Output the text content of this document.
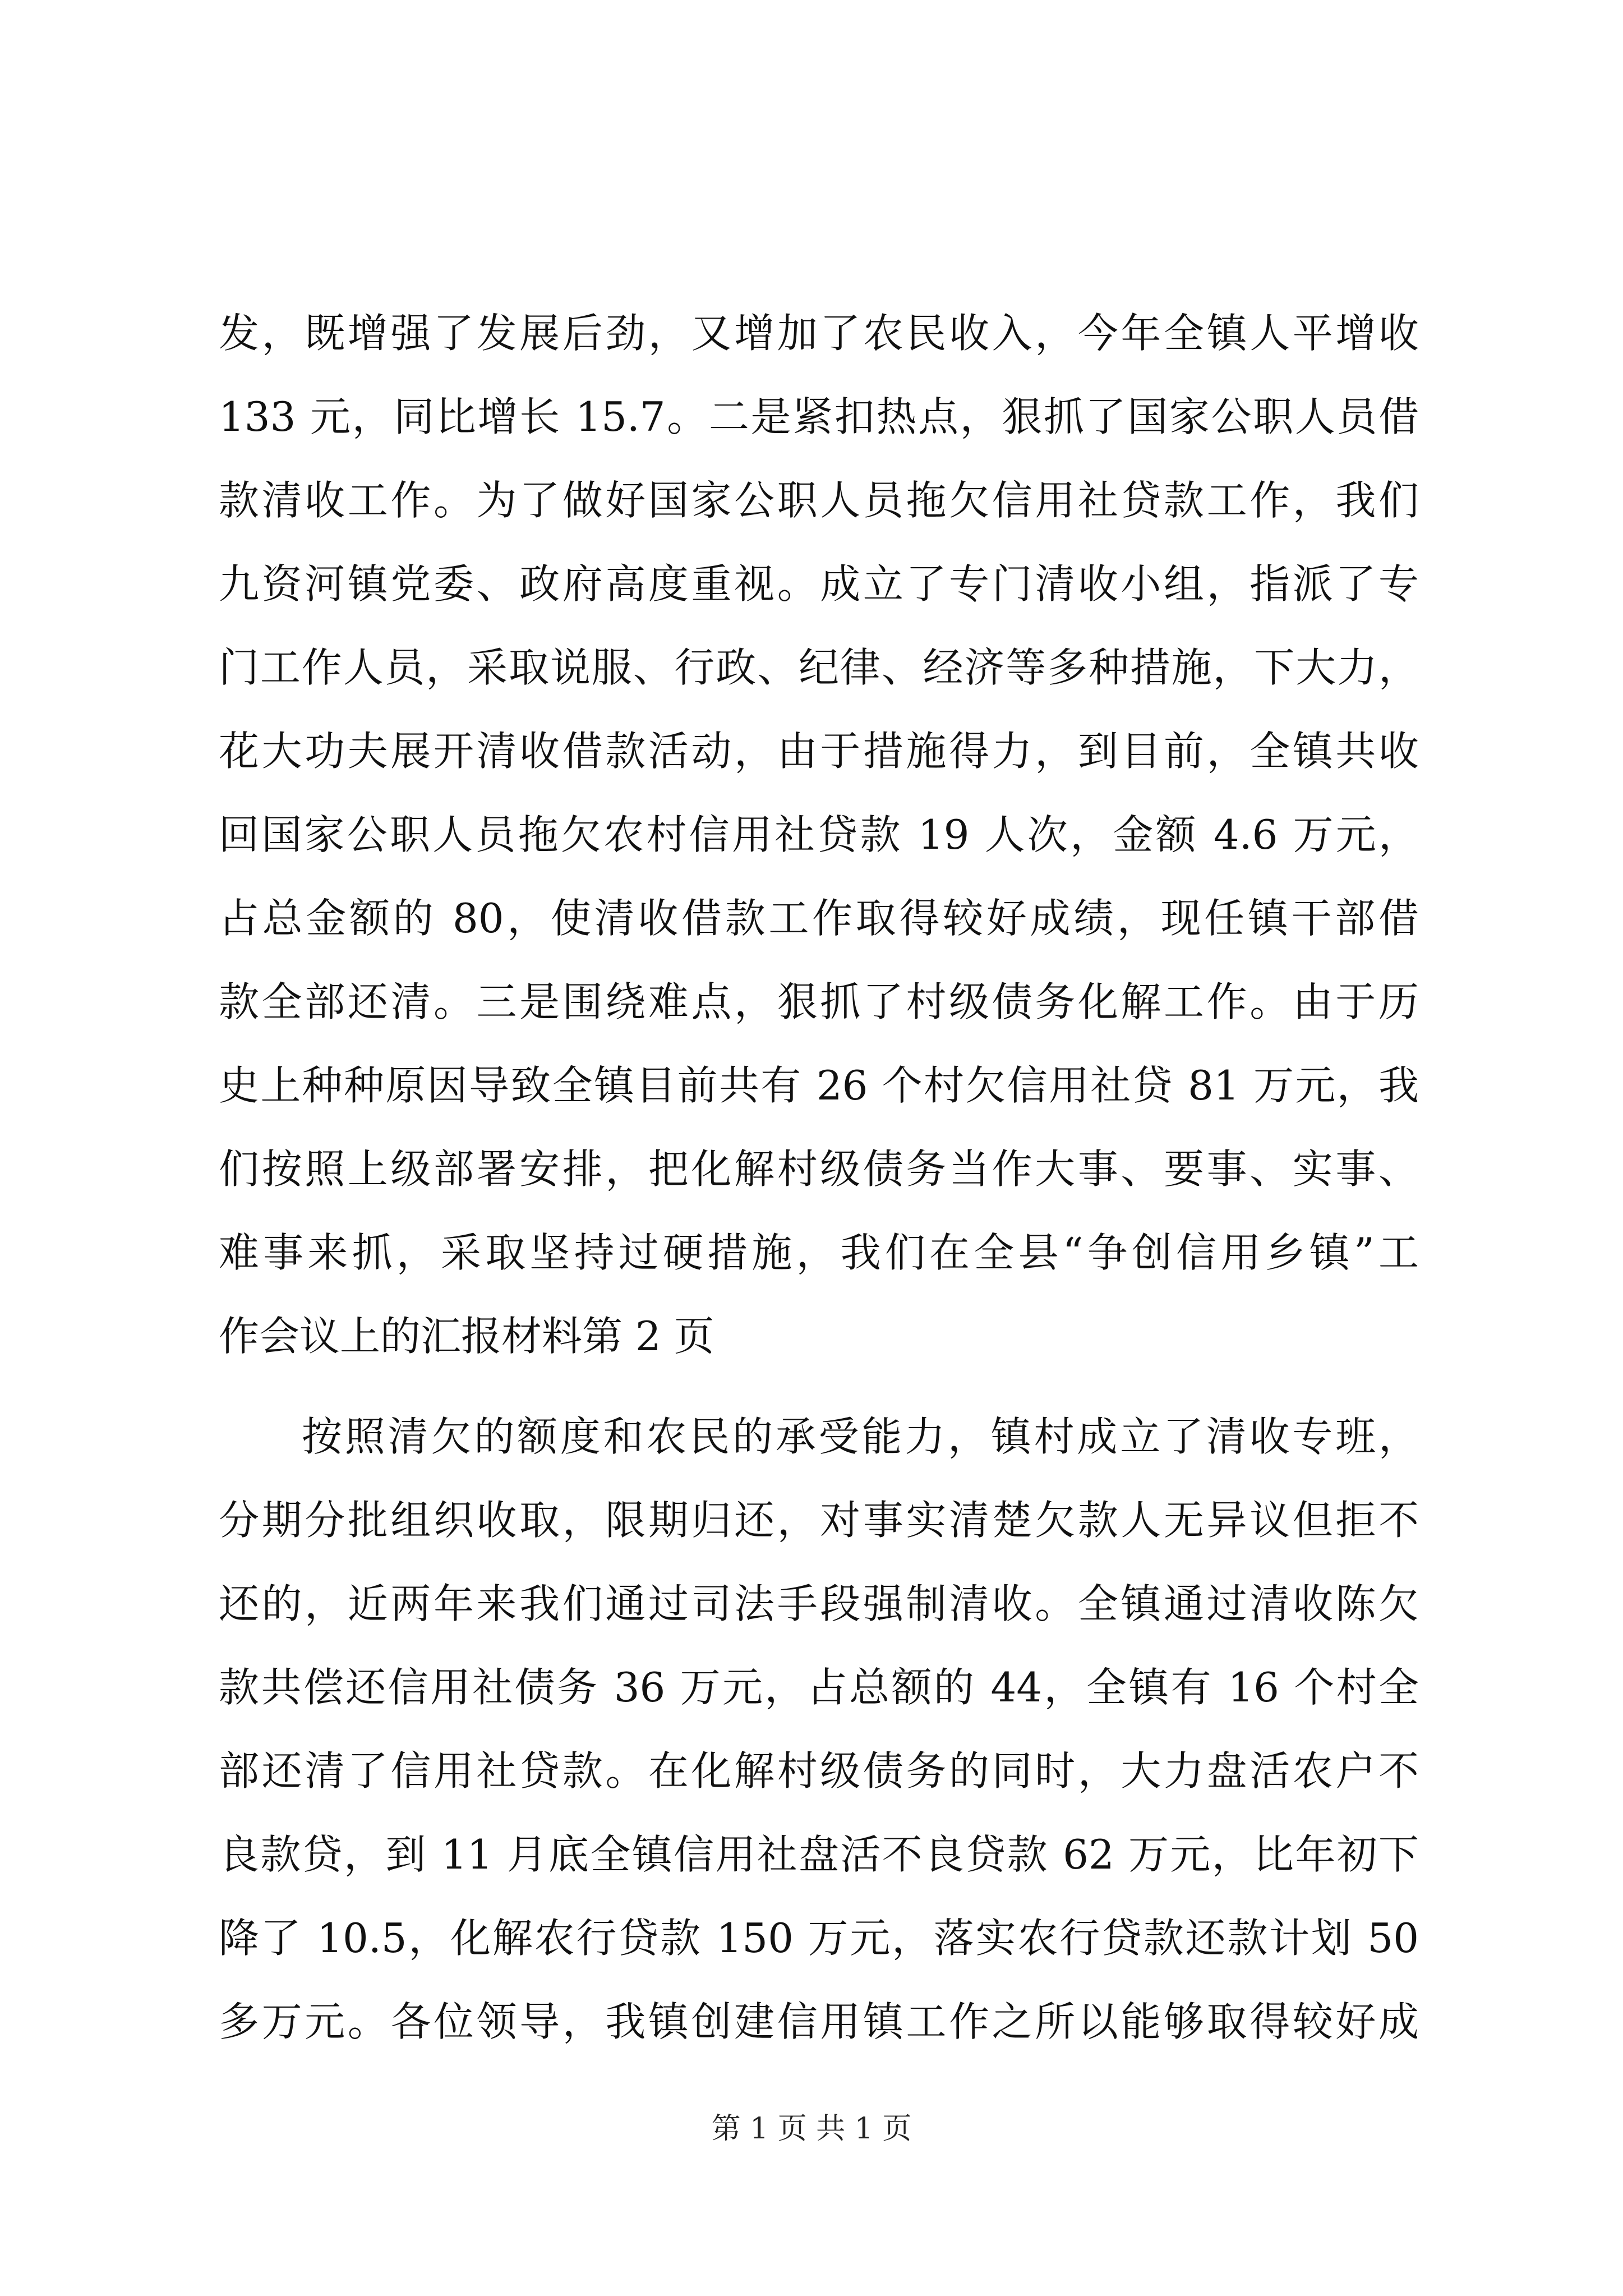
发，既增强了发展后劲，又增加了农民收入，今年全镇人平增收
133 元，同比增长 15.7。二是紧扣热点，狠抓了国家公职人员借
款清收工作。为了做好国家公职人员拖欠信用社贷款工作，我们
九资河镇党委、政府高度重视。成立了专门清收小组，指派了专
门工作人员，采取说服、行政、纪律、经济等多种措施，下大力，
花大功夫展开清收借款活动，由于措施得力，到目前，全镇共收
回国家公职人员拖欠农村信用社贷款 19 人次，金额 4.6 万元，
占总金额的 80，使清收借款工作取得较好成绩，现任镇干部借
款全部还清。三是围绕难点，狠抓了村级债务化解工作。由于历
史上种种原因导致全镇目前共有 26 个村欠信用社贷 81 万元，我
们按照上级部署安排，把化解村级债务当作大事、要事、实事、
难事来抓，采取坚持过硬措施，我们在全县“争创信用乡镇”工
作会议上的汇报材料第 2 页
按照清欠的额度和农民的承受能力，镇村成立了清收专班，
分期分批组织收取，限期归还，对事实清楚欠款人无异议但拒不
还的，近两年来我们通过司法手段强制清收。全镇通过清收陈欠
款共偿还信用社债务 36 万元，占总额的 44，全镇有 16 个村全
部还清了信用社贷款。在化解村级债务的同时，大力盘活农户不
良款贷，到 11 月底全镇信用社盘活不良贷款 62 万元，比年初下
降了 10.5，化解农行贷款 150 万元，落实农行贷款还款计划 50
多万元。各位领导，我镇创建信用镇工作之所以能够取得较好成
第 1 页 共 1 页
